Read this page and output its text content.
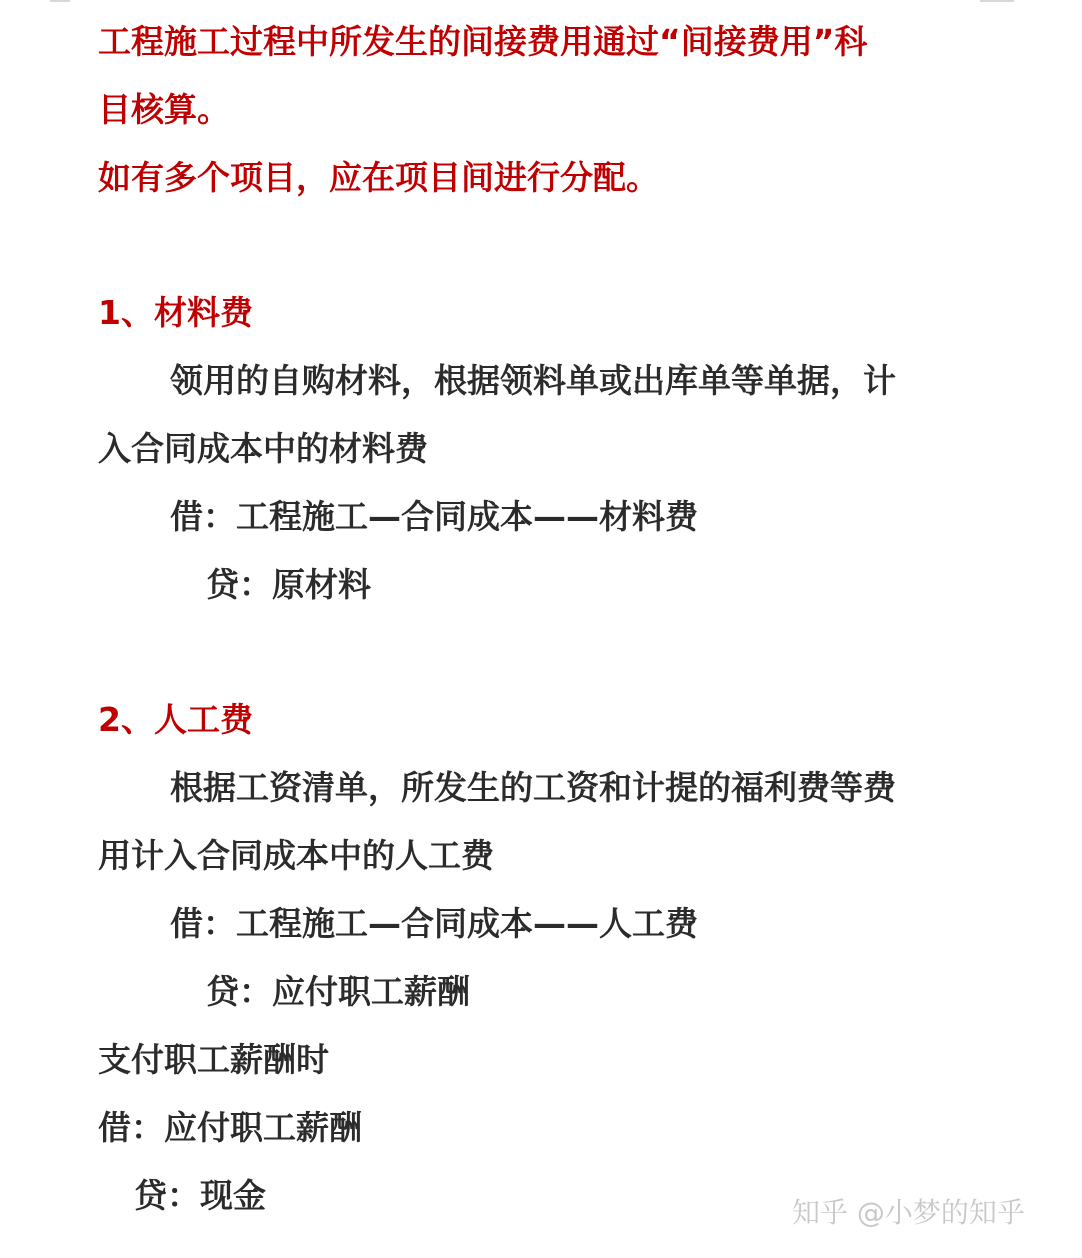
工程施工过程中所发生的间接费用通过“间接费用”科
目核算。
如有多个项目，应在项目间进行分配。
1、材料费
领用的自购材料，根据领料单或出库单等单据，计
入合同成本中的材料费
借：工程施工—合同成本——材料费
贷：原材料
2、人工费
根据工资清单，所发生的工资和计提的福利费等费
用计入合同成本中的人工费
借：工程施工—合同成本——人工费
贷：应付职工薪酬
支付职工薪酬时
借：应付职工薪酬
贷：现金	知乎 @小梦的知乎
